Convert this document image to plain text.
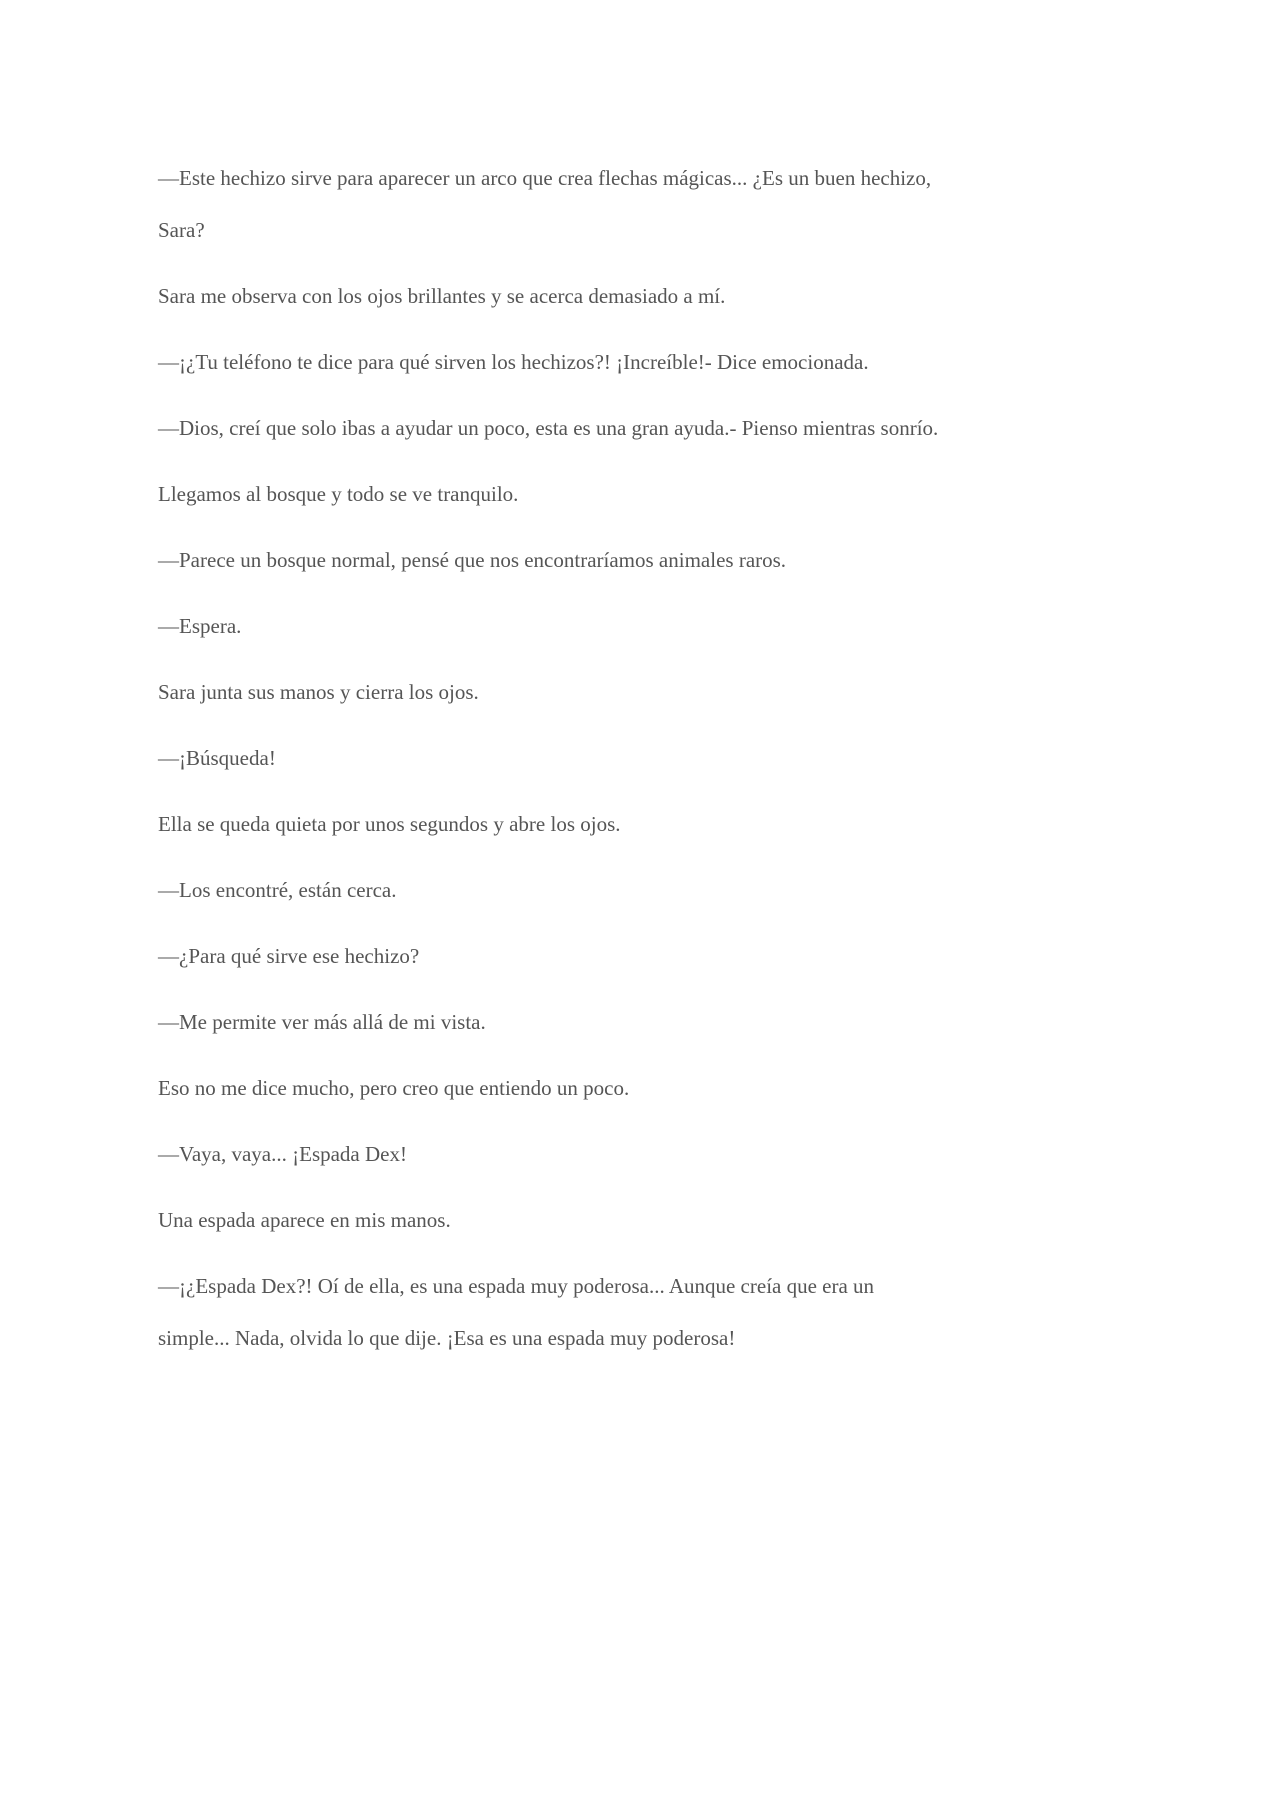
—Este hechizo sirve para aparecer un arco que crea flechas mágicas... ¿Es un buen hechizo, Sara?

Sara me observa con los ojos brillantes y se acerca demasiado a mí.

—¡¿Tu teléfono te dice para qué sirven los hechizos?! ¡Increíble!- Dice emocionada.

—Dios, creí que solo ibas a ayudar un poco, esta es una gran ayuda.- Pienso mientras sonrío.

Llegamos al bosque y todo se ve tranquilo.

—Parece un bosque normal, pensé que nos encontraríamos animales raros.

—Espera.

Sara junta sus manos y cierra los ojos.

—¡Búsqueda!

Ella se queda quieta por unos segundos y abre los ojos.

—Los encontré, están cerca.

—¿Para qué sirve ese hechizo?

—Me permite ver más allá de mi vista.

Eso no me dice mucho, pero creo que entiendo un poco.

—Vaya, vaya... ¡Espada Dex!

Una espada aparece en mis manos.

—¡¿Espada Dex?! Oí de ella, es una espada muy poderosa... Aunque creía que era un simple... Nada, olvida lo que dije. ¡Esa es una espada muy poderosa!
